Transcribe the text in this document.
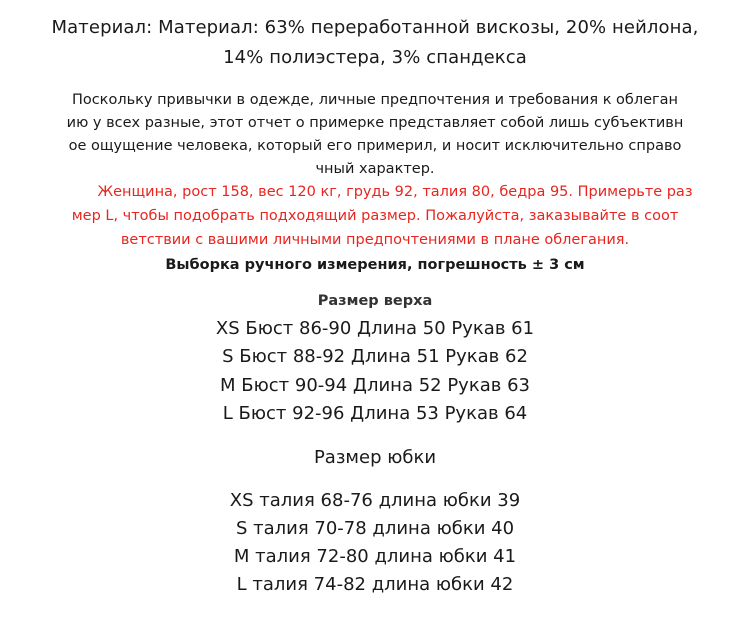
Материал: Материал: 63% переработанной вискозы, 20% нейлона,
14% полиэстера, 3% спандекса
Поскольку привычки в одежде, личные предпочтения и требования к облеган
ию у всех разные, этот отчет о примерке представляет собой лишь субъективн
ое ощущение человека, который его примерил, и носит исключительно справо
чный характер.
Женщина, рост 158, вес 120 кг, грудь 92, талия 80, бедра 95. Примерьте раз
мер L, чтобы подобрать подходящий размер. Пожалуйста, заказывайте в соот
ветствии с вашими личными предпочтениями в плане облегания.
Выборка ручного измерения, погрешность ± 3 см
Размер верха
XS Бюст 86-90 Длина 50 Рукав 61
S Бюст 88-92 Длина 51 Рукав 62
M Бюст 90-94 Длина 52 Рукав 63
L Бюст 92-96 Длина 53 Рукав 64
Размер юбки
XS талия 68-76 длина юбки 39
S талия 70-78 длина юбки 40
M талия 72-80 длина юбки 41
L талия 74-82 длина юбки 42
